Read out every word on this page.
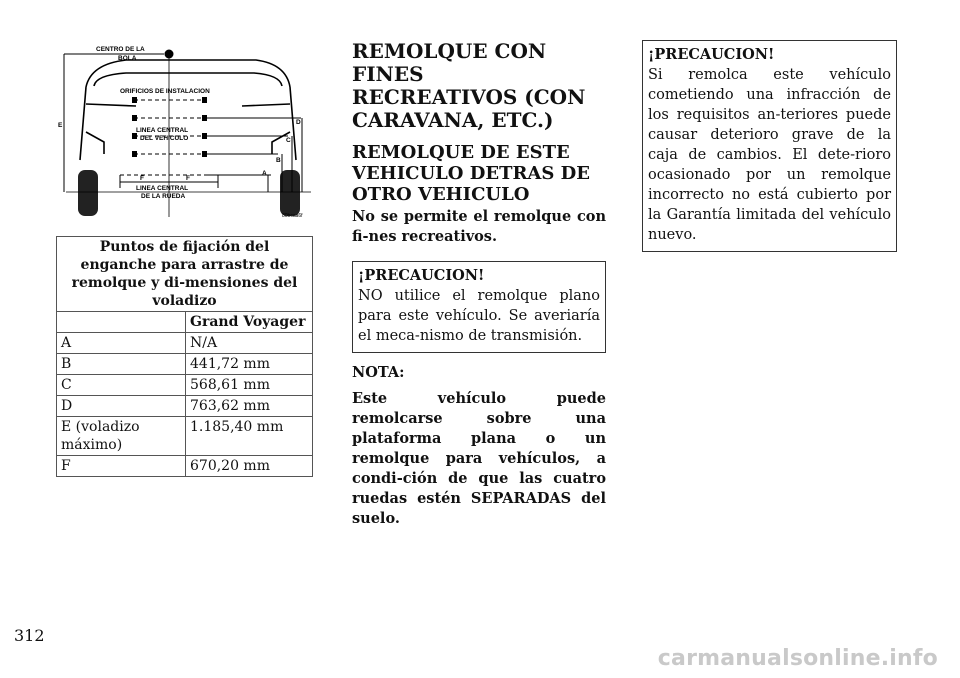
CENTRO DE LA
BOLA
ORIFICIOS DE INSTALACION
LINEA CENTRAL
DEL VEHICULO
LINEA CENTRAL
DE LA RUEDA
A
B
C
D
E
F	F
80bcaa6f
Puntos de fijación del enganche para arrastre de remolque y di-mensiones del voladizo	
	Grand Voyager
A	N/A
B	441,72 mm
C	568,61 mm
D	763,62 mm
E (voladizo máximo)	1.185,40 mm
F	670,20 mm
REMOLQUE CON FINES
RECREATIVOS (CON
CARAVANA, ETC.)
REMOLQUE DE ESTE
VEHICULO DETRAS DE
OTRO VEHICULO

No se permite el remolque con fi-nes recreativos.

¡PRECAUCION!
NO utilice el remolque plano para este vehículo. Se averiaría el meca-nismo de transmisión.

NOTA:

Este vehículo puede remolcarse sobre una plataforma plana o un remolque para vehículos, a condi-ción de que las cuatro ruedas estén SEPARADAS del suelo.

¡PRECAUCION!
Si remolca este vehículo cometiendo una infracción de los requisitos an-teriores puede causar deterioro grave de la caja de cambios. El dete-rioro ocasionado por un remolque incorrecto no está cubierto por la Garantía limitada del vehículo nuevo.
312
carmanualsonline.info
